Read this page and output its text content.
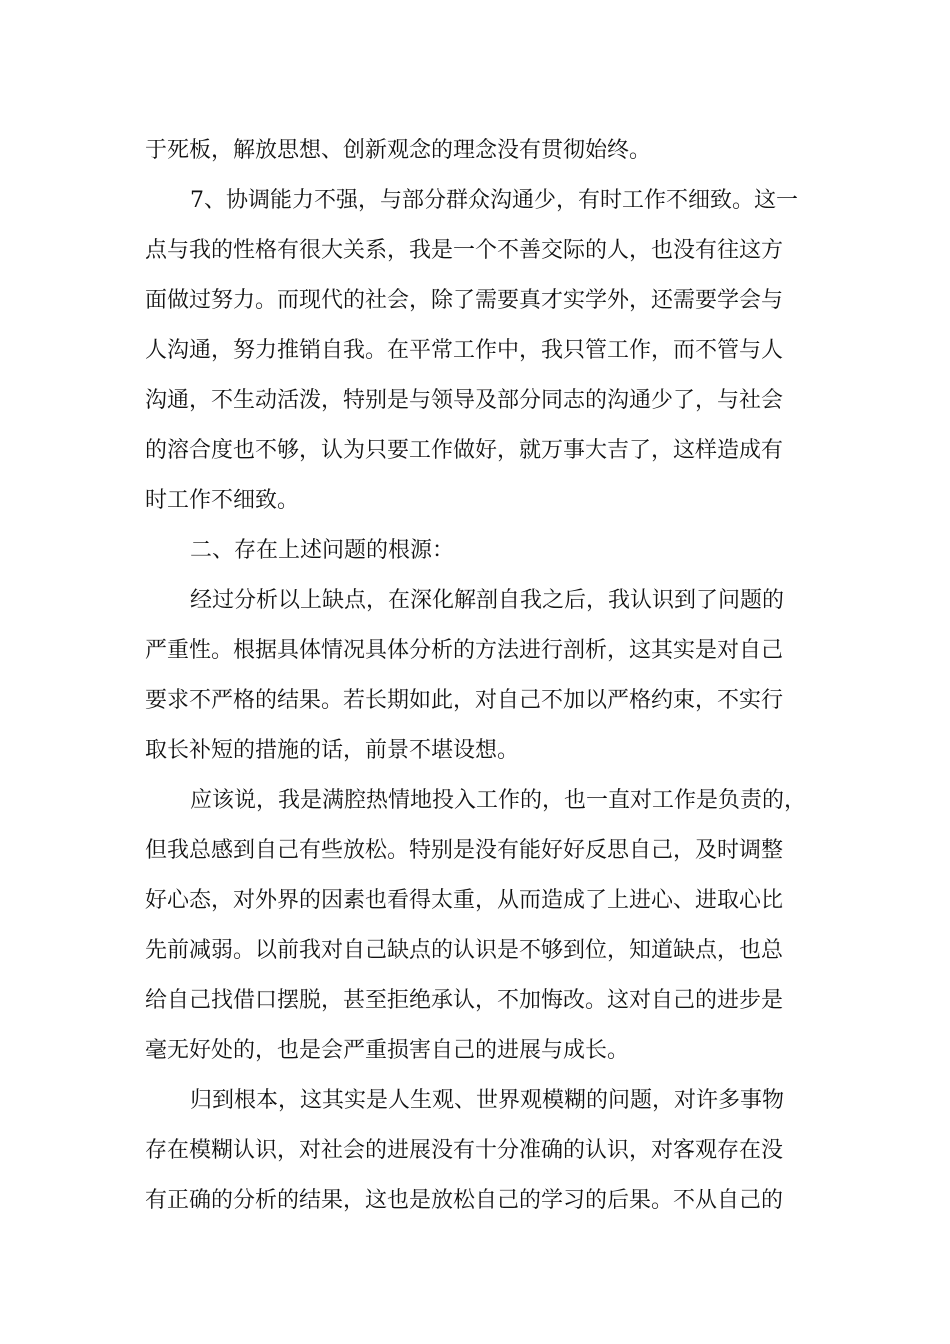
于死板，解放思想、创新观念的理念没有贯彻始终。
7、协调能力不强，与部分群众沟通少，有时工作不细致。这一
点与我的性格有很大关系，我是一个不善交际的人，也没有往这方
面做过努力。而现代的社会，除了需要真才实学外，还需要学会与
人沟通，努力推销自我。在平常工作中，我只管工作，而不管与人
沟通，不生动活泼，特别是与领导及部分同志的沟通少了，与社会
的溶合度也不够，认为只要工作做好，就万事大吉了，这样造成有
时工作不细致。
二、存在上述问题的根源：
经过分析以上缺点，在深化解剖自我之后，我认识到了问题的
严重性。根据具体情况具体分析的方法进行剖析，这其实是对自己
要求不严格的结果。若长期如此，对自己不加以严格约束，不实行
取长补短的措施的话，前景不堪设想。
应该说，我是满腔热情地投入工作的，也一直对工作是负责的，
但我总感到自己有些放松。特别是没有能好好反思自己，及时调整
好心态，对外界的因素也看得太重，从而造成了上进心、进取心比
先前减弱。以前我对自己缺点的认识是不够到位，知道缺点，也总
给自己找借口摆脱，甚至拒绝承认，不加悔改。这对自己的进步是
毫无好处的，也是会严重损害自己的进展与成长。
归到根本，这其实是人生观、世界观模糊的问题，对许多事物
存在模糊认识，对社会的进展没有十分准确的认识，对客观存在没
有正确的分析的结果，这也是放松自己的学习的后果。不从自己的
